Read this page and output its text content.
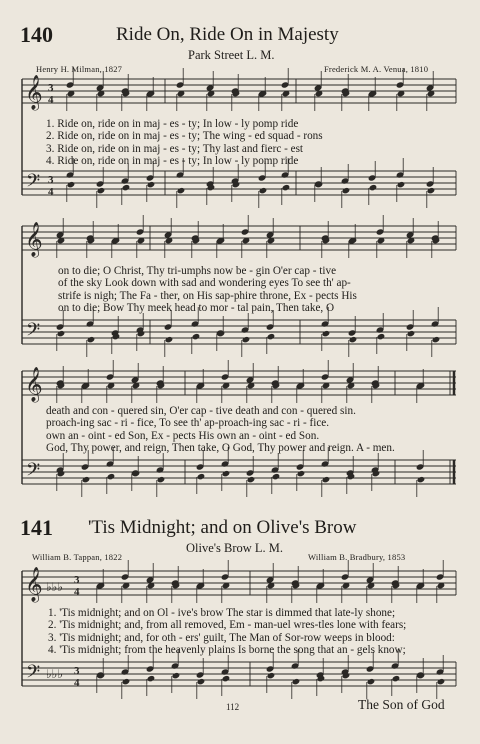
140	Ride On, Ride On in Majesty
Park Street L. M.
Henry H. Milman, 1827	Frederick M. A. Venua, 1810
𝄞
𝄢
𝄞
𝄢
𝄞
𝄢
𝄞
𝄢
♭♭♭
♭♭♭
3
4
3
4
3
4
3
4
1. Ride on, ride on in maj - es - ty; In low - ly pomp ride
2. Ride on, ride on in maj - es - ty; The wing - ed squad - rons
3. Ride on, ride on in maj - es - ty; Thy last and fierc - est
4. Ride on, ride on in maj - es - ty; In low - ly pomp ride
on to die; O Christ, Thy tri-umphs now be - gin O'er cap - tive
of the sky Look down with sad and wondering eyes To see th' ap-
strife is nigh; The Fa - ther, on His sap-phire throne, Ex - pects His
on to die; Bow Thy meek head to mor - tal pain, Then take, O
death and con - quered sin, O'er cap - tive death and con - quered sin.
proach-ing sac - ri - fice, To see th' ap-proach-ing sac - ri - fice.
own an - oint - ed Son, Ex - pects His own an - oint - ed Son.
God, Thy power, and reign, Then take, O God, Thy power and reign. A - men.
141 'Tis Midnight; and on Olive's Brow
Olive's Brow L. M.
William B. Tappan, 1822	William B. Bradbury, 1853
1. 'Tis midnight; and on Ol - ive's brow The star is dimmed that late-ly shone;
2. 'Tis midnight; and, from all removed, Em - man-uel wres-tles lone with fears;
3. 'Tis midnight; and, for oth - ers' guilt, The Man of Sor-row weeps in blood:
4. 'Tis midnight; from the heavenly plains Is borne the song that an - gels know;
112	The Son of God
